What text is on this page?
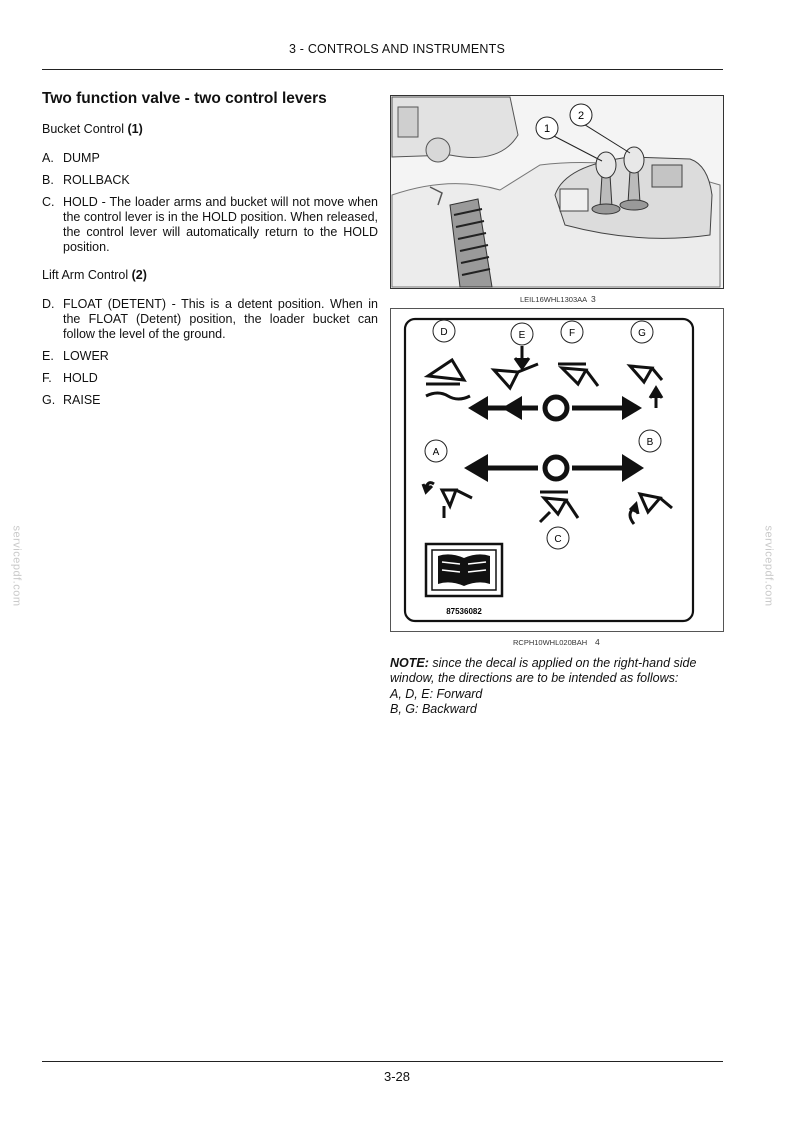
3 - CONTROLS AND INSTRUMENTS
Two function valve - two control levers
Bucket Control (1)
A. DUMP
B. ROLLBACK
C. HOLD - The loader arms and bucket will not move when the control lever is in the HOLD position. When released, the control lever will automatically return to the HOLD position.
Lift Arm Control (2)
D. FLOAT (DETENT) - This is a detent position. When in the FLOAT (Detent) position, the loader bucket can follow the level of the ground.
E. LOWER
F. HOLD
G. RAISE
1
2
LEIL16WHL1303AA 3
D	E	F	G
A
B
C
87536082
RCPH10WHL020BAH 4
NOTE: since the decal is applied on the right-hand side window, the directions are to be intended as follows:
A, D, E: Forward
B, G: Backward
servicepdf.com	servicepdf.com
3-28
